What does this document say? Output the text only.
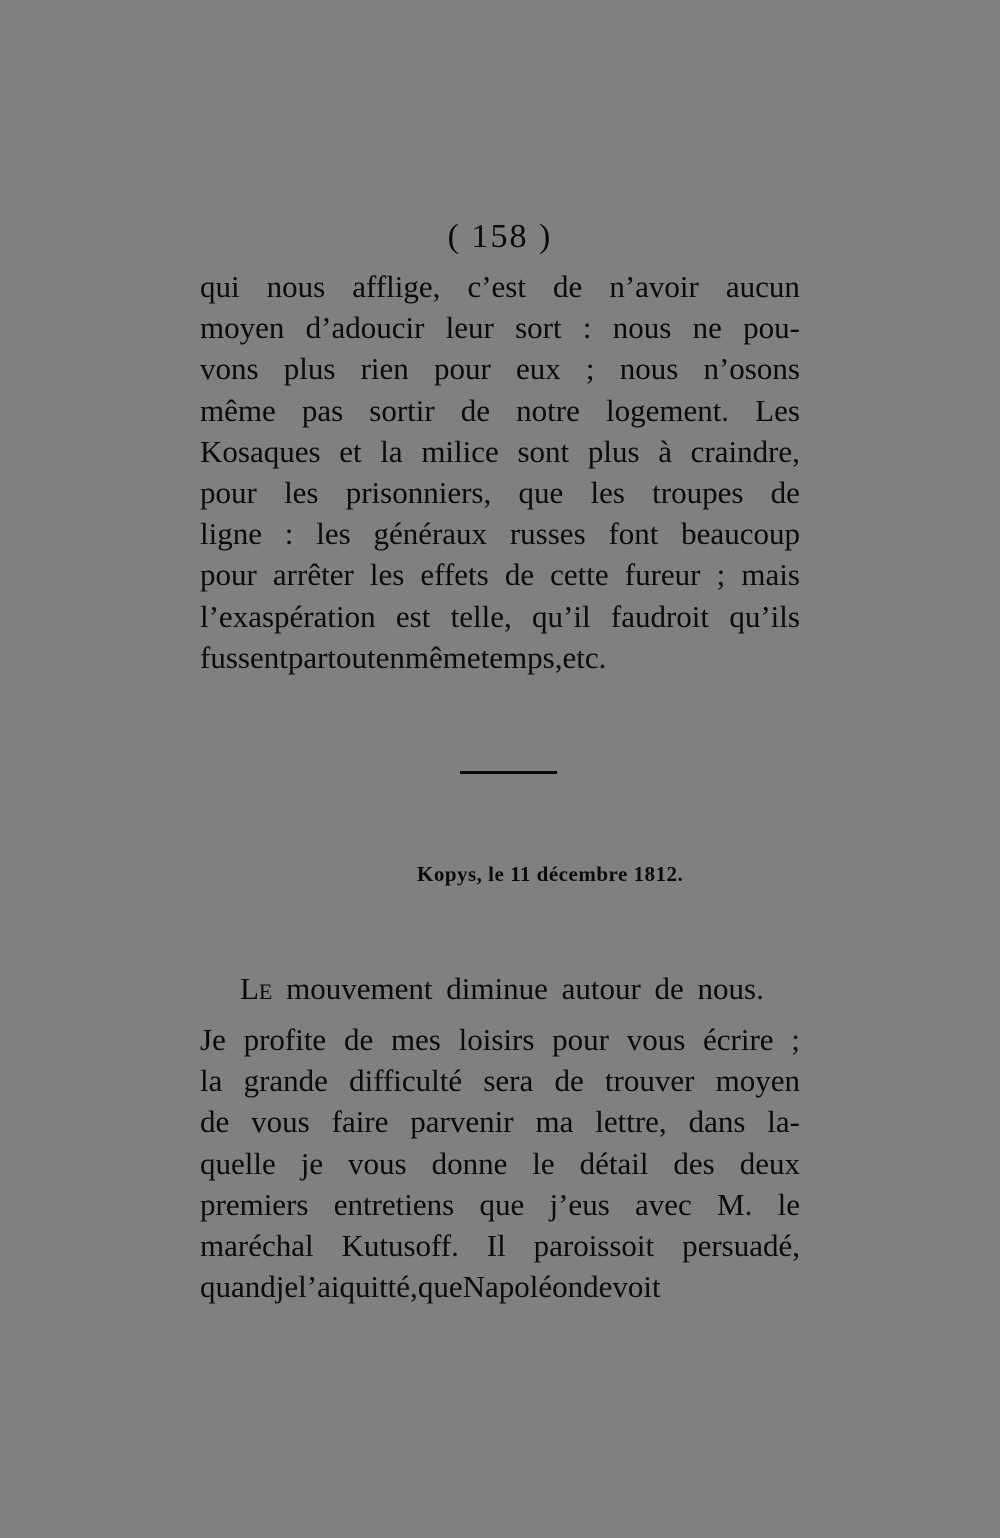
( 158 )
qui nous afflige, c’est de n’avoir aucun
moyen d’adoucir leur sort : nous ne pou-
vons plus rien pour eux ; nous n’osons
même pas sortir de notre logement. Les
Kosaques et la milice sont plus à craindre,
pour les prisonniers, que les troupes de
ligne : les généraux russes font beaucoup
pour arrêter les effets de cette fureur ; mais
l’exaspération est telle, qu’il faudroit qu’ils
fussent partout en même temps, etc.
Kopys, le 11 décembre 1812.
Le
mouvement diminue autour de nous.
Je profite de mes loisirs pour vous écrire ;
la grande difficulté sera de trouver moyen
de vous faire parvenir ma lettre, dans la-
quelle je vous donne le détail des deux
premiers entretiens que j’eus avec M. le
maréchal Kutusoff. Il paroissoit persuadé,
quand je l’ai quitté, que Napoléon devoit
